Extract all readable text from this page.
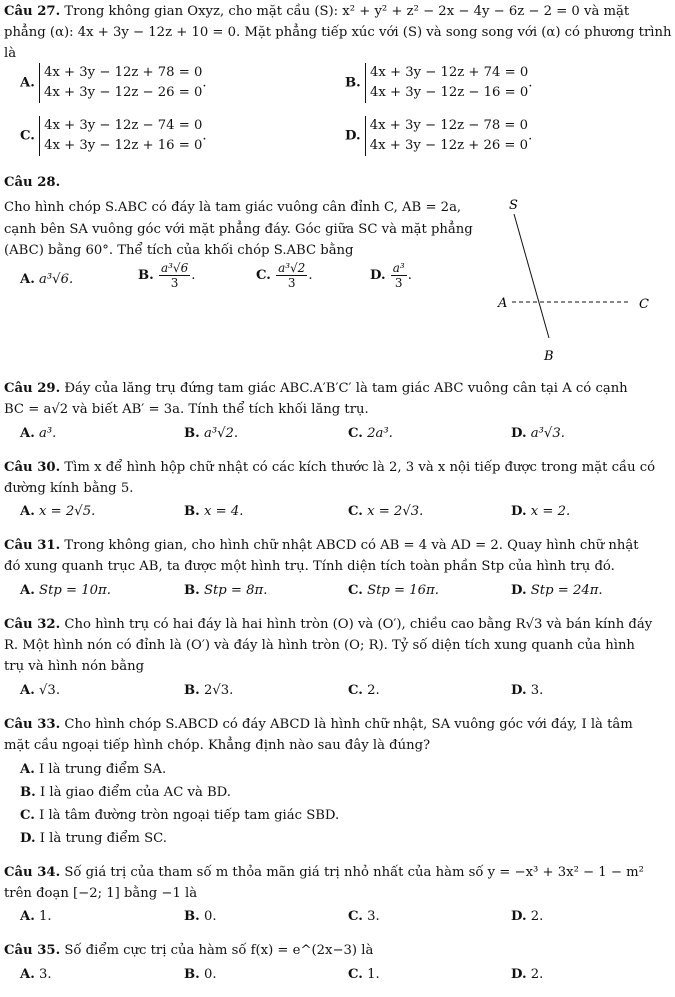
Câu 27. Trong không gian Oxyz, cho mặt cầu (S): x² + y² + z² − 2x − 4y − 6z − 2 = 0 và mặt
phẳng (α): 4x + 3y − 12z + 10 = 0. Mặt phẳng tiếp xúc với (S) và song song với (α) có phương trình
là
A.
4x + 3y − 12z + 78 = 0
4x + 3y − 12z − 26 = 0
.	B.
4x + 3y − 12z + 74 = 0
4x + 3y − 12z − 16 = 0
.
C.
4x + 3y − 12z − 74 = 0
4x + 3y − 12z + 16 = 0
.	D.
4x + 3y − 12z − 78 = 0
4x + 3y − 12z + 26 = 0
.
Câu 28.
Cho hình chóp S.ABC có đáy là tam giác vuông cân đỉnh C, AB = 2a,
cạnh bên SA vuông góc với mặt phẳng đáy. Góc giữa SC và mặt phẳng
(ABC) bằng 60°. Thể tích của khối chóp S.ABC bằng
A. a³√6.	B. $\frac{\text{a³√6}}{3}$ .	C. $\frac{\text{a³√2}}{3}$ .	D. $\frac{\text{a³}}{3}$ .
S
A	C
B
Câu 29. Đáy của lăng trụ đứng tam giác ABC.A′B′C′ là tam giác ABC vuông cân tại A có cạnh
BC = a√2 và biết AB′ = 3a. Tính thể tích khối lăng trụ.
A. a³.	B. a³√2.	C. 2a³.	D. a³√3.
Câu 30. Tìm x để hình hộp chữ nhật có các kích thước là 2, 3 và x nội tiếp được trong mặt cầu có
đường kính bằng 5.
A. x = 2√5.	B. x = 4.	C. x = 2√3.	D. x = 2.
Câu 31. Trong không gian, cho hình chữ nhật ABCD có AB = 4 và AD = 2. Quay hình chữ nhật
đó xung quanh trục AB, ta được một hình trụ. Tính diện tích toàn phần Stp của hình trụ đó.
A. Stp = 10π.	B. Stp = 8π.	C. Stp = 16π.	D. Stp = 24π.
Câu 32. Cho hình trụ có hai đáy là hai hình tròn (O) và (O′), chiều cao bằng R√3 và bán kính đáy
R. Một hình nón có đỉnh là (O′) và đáy là hình tròn (O; R). Tỷ số diện tích xung quanh của hình
trụ và hình nón bằng
A. √3.	B. 2√3.	C. 2.	D. 3.
Câu 33. Cho hình chóp S.ABCD có đáy ABCD là hình chữ nhật, SA vuông góc với đáy, I là tâm
mặt cầu ngoại tiếp hình chóp. Khẳng định nào sau đây là đúng?
A. I là trung điểm SA.
B. I là giao điểm của AC và BD.
C. I là tâm đường tròn ngoại tiếp tam giác SBD.
D. I là trung điểm SC.
Câu 34. Số giá trị của tham số m thỏa mãn giá trị nhỏ nhất của hàm số y = −x³ + 3x² − 1 − m²
trên đoạn [−2; 1] bằng −1 là
A. 1.	B. 0.	C. 3.	D. 2.
Câu 35. Số điểm cực trị của hàm số f(x) = e^(2x−3) là
A. 3.	B. 0.	C. 1.	D. 2.
